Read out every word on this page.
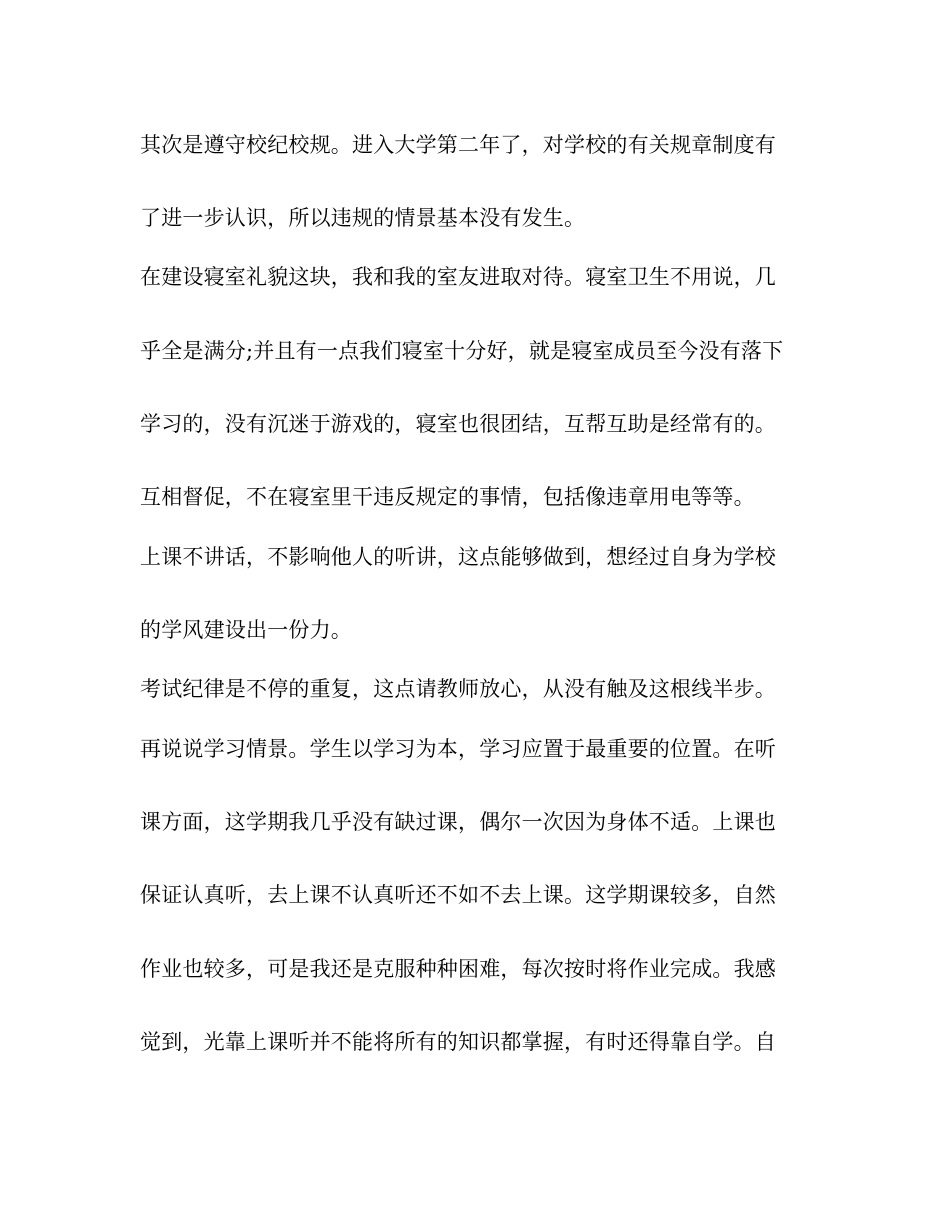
其次是遵守校纪校规。进入大学第二年了，对学校的有关规章制度有
了进一步认识，所以违规的情景基本没有发生。
在建设寝室礼貌这块，我和我的室友进取对待。寝室卫生不用说，几
乎全是满分;并且有一点我们寝室十分好，就是寝室成员至今没有落下
学习的，没有沉迷于游戏的，寝室也很团结，互帮互助是经常有的。
互相督促，不在寝室里干违反规定的事情，包括像违章用电等等。
上课不讲话，不影响他人的听讲，这点能够做到，想经过自身为学校
的学风建设出一份力。
考试纪律是不停的重复，这点请教师放心，从没有触及这根线半步。
再说说学习情景。学生以学习为本，学习应置于最重要的位置。在听
课方面，这学期我几乎没有缺过课，偶尔一次因为身体不适。上课也
保证认真听，去上课不认真听还不如不去上课。这学期课较多，自然
作业也较多，可是我还是克服种种困难，每次按时将作业完成。我感
觉到，光靠上课听并不能将所有的知识都掌握，有时还得靠自学。自
